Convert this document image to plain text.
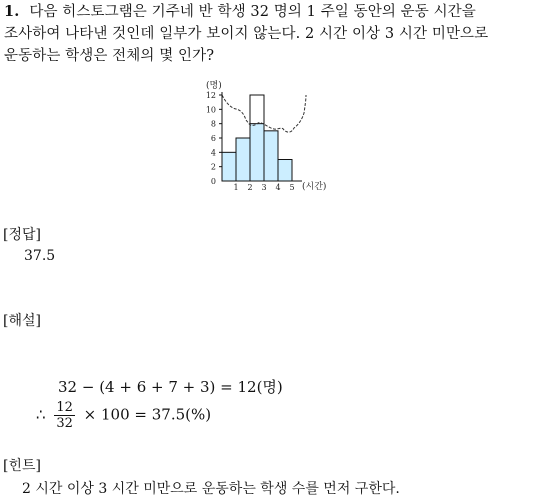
1. 다음 히스토그램은 기주네 반 학생 32 명의 1 주일 동안의 운동 시간을
조사하여 나타낸 것인데 일부가 보이지 않는다. 2 시간 이상 3 시간 미만으로
운동하는 학생은 전체의 몇 인가?
(명)
(시간)
0
2
4
6
8
10
12
1 2 3 4 5
[정답]
37.5
[해설]
32 − (4 + 6 + 7 + 3) = 12(명)
∴ $\frac{12}{32} \times 100 = 37.5(\%)$
[힌트]
2 시간 이상 3 시간 미만으로 운동하는 학생 수를 먼저 구한다.
